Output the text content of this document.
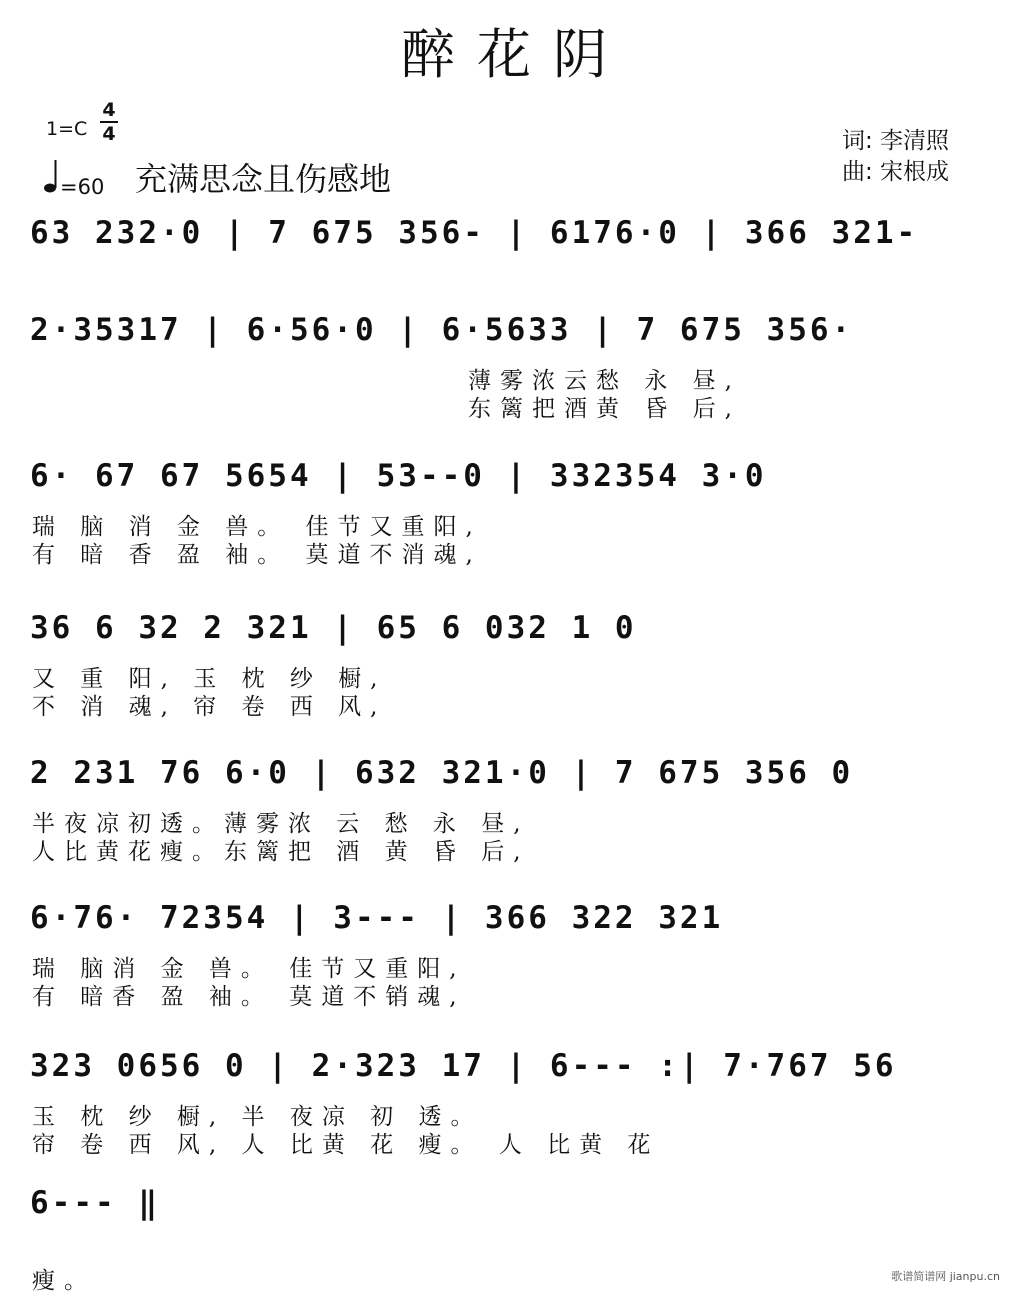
醉花阴
1=C
4
4
=60 充满思念且伤感地
词: 李清照
曲: 宋根成
63 232·0 | 7 675 356- | 6176·0 | 366 321-
2·35317 | 6·56·0 | 6·5633 | 7 675 356·
薄雾浓云愁 永 昼,
东篱把酒黄 昏 后,
6· 67 67 5654 | 53--0 | 332354 3·0
瑞 脑 消 金 兽。 佳节又重阳,
有 暗 香 盈 袖。 莫道不消魂,
36 6 32 2 321 | 65 6 032 1 0
又 重 阳, 玉 枕 纱 橱,
不 消 魂, 帘 卷 西 风,
2 231 76 6·0 | 632 321·0 | 7 675 356 0
半夜凉初透。薄雾浓 云 愁 永 昼,
人比黄花瘦。东篱把 酒 黄 昏 后,
6·76· 72354 | 3--- | 366 322 321
瑞 脑消 金 兽。 佳节又重阳,
有 暗香 盈 袖。 莫道不销魂,
323 0656 0 | 2·323 17 | 6--- :| 7·767 56
玉 枕 纱 橱, 半 夜凉 初 透。
帘 卷 西 风, 人 比黄 花 瘦。 人 比黄 花
6--- ‖
瘦。	歌谱简谱网 jianpu.cn
